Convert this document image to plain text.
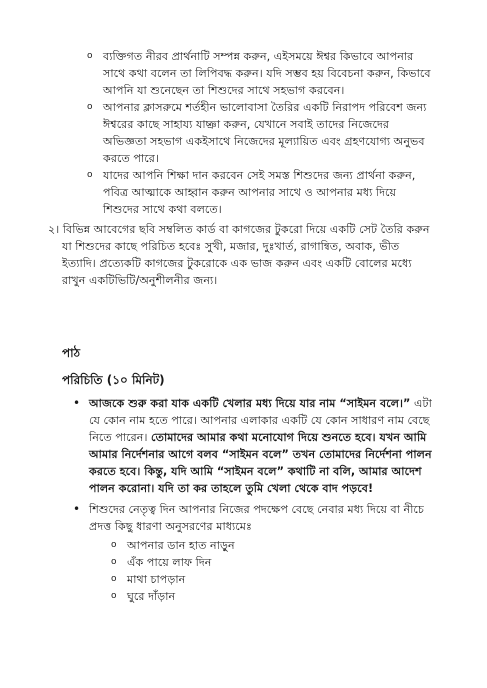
o ব্যক্তিগত নীরব প্রার্থনাটি সম্পন্ন করুন, এইসময়ে ঈশ্বর কিভাবে আপনার সাথে কথা বলেন তা লিপিবদ্ধ করুন। যদি সম্ভব হয় বিবেচনা করুন, কিভাবে আপনি যা শুনেছেন তা শিশুদের সাথে সহভাগ করবেন।
o আপনার ক্লাসরুমে শর্তহীন ভালোবাসা তৈরির একটি নিরাপদ পরিবেশ জন্য ঈশ্বরের কাছে সাহায্য যাচ্ঞা করুন, যেখানে সবাই তাদের নিজেদের অভিজ্ঞতা সহভাগ একইসাথে নিজেদের মূল্যায়িত এবং গ্রহণযোগ্য অনুভব করতে পারে।
o যাদের আপনি শিক্ষা দান করবেন সেই সমস্ত শিশুদের জন্য প্রার্থনা করুন, পবিত্র আত্মাকে আহ্বান করুন আপনার সাথে ও আপনার মধ্য দিয়ে শিশুদের সাথে কথা বলতে।

২। বিভিন্ন আবেগের ছবি সম্বলিত কার্ড বা কাগজের টুকরো দিয়ে একটি সেট তৈরি করুন যা শিশুদের কাছে পরিচিত হবেঃ সুখী, মজার, দুঃখার্ত, রাগান্বিত, অবাক, ভীত ইত্যাদি। প্রত্যেকটি কাগজের টুকরোকে এক ভাজ করুন এবং একটি বোলের মধ্যে রাখুন একটিভিটি/অনুশীলনীর জন্য।

পাঠ
পরিচিতি (১০ মিনিট)
• আজকে শুরু করা যাক একটি খেলার মধ্য দিয়ে যার নাম “সাইমন বলে।” এটা যে কোন নাম হতে পারে। আপনার এলাকার একটি যে কোন সাধারণ নাম বেছে নিতে পারেন। তোমাদের আমার কথা মনোযোগ দিয়ে শুনতে হবে। যখন আমি আমার নির্দেশনার আগে বলব “সাইমন বলে” তখন তোমাদের নির্দেশনা পালন করতে হবে। কিন্তু, যদি আমি “সাইমন বলে” কথাটি না বলি, আমার আদেশ পালন করোনা। যদি তা কর তাহলে তুমি খেলা থেকে বাদ পড়বে!
• শিশুদের নেতৃত্ব দিন আপনার নিজের পদক্ষেপ বেছে নেবার মধ্য দিয়ে বা নীচে প্রদত্ত কিছু ধারণা অনুসরণের মাধ্যমেঃ
o আপনার ডান হাত নাড়ুন
o এঁক পায়ে লাফ দিন
o মাথা চাপড়ান
o ঘুরে দাঁড়ান
